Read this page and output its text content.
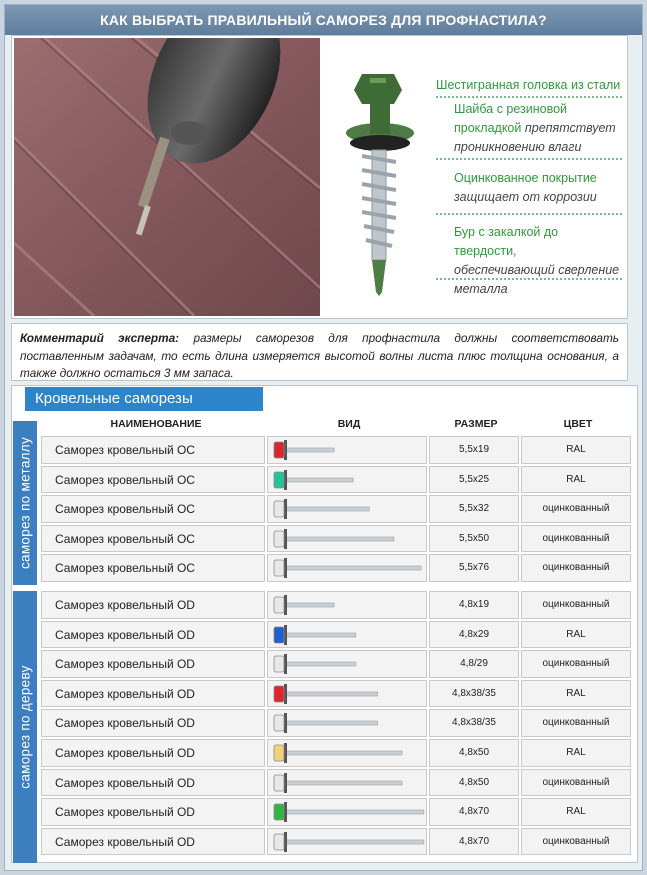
КАК ВЫБРАТЬ ПРАВИЛЬНЫЙ САМОРЕЗ ДЛЯ ПРОФНАСТИЛА?
Шестигранная головка из стали
Шайба с резиновой
прокладкой препятствует
проникновению влаги
Оцинкованное покрытие
защищает от коррозии
Бур с закалкой до твердости,
обеспечивающий сверление
металла
Комментарий эксперта: размеры саморезов для профнастила должны соответствовать поставленным задачам, то есть длина измеряется высотой волны листа плюс толщина основания, а также должно остаться 3 мм запаса.
Кровельные саморезы
саморез по металлу
саморез по дереву
НАИМЕНОВАНИЕ	ВИД	РАЗМЕР	ЦВЕТ
Саморез кровельный ОС	5,5х19	RAL
Саморез кровельный ОС	5,5х25	RAL
Саморез кровельный ОС	5,5х32	оцинкованный
Саморез кровельный ОС	5,5х50	оцинкованный
Саморез кровельный ОС	5,5х76	оцинкованный
Саморез кровельный OD	4,8х19	оцинкованный
Саморез кровельный OD	4,8х29	RAL
Саморез кровельный OD	4,8/29	оцинкованный
Саморез кровельный OD	4,8х38/35	RAL
Саморез кровельный OD	4,8х38/35	оцинкованный
Саморез кровельный OD	4,8х50	RAL
Саморез кровельный OD	4,8х50	оцинкованный
Саморез кровельный OD	4,8х70	RAL
Саморез кровельный OD	4,8х70	оцинкованный
